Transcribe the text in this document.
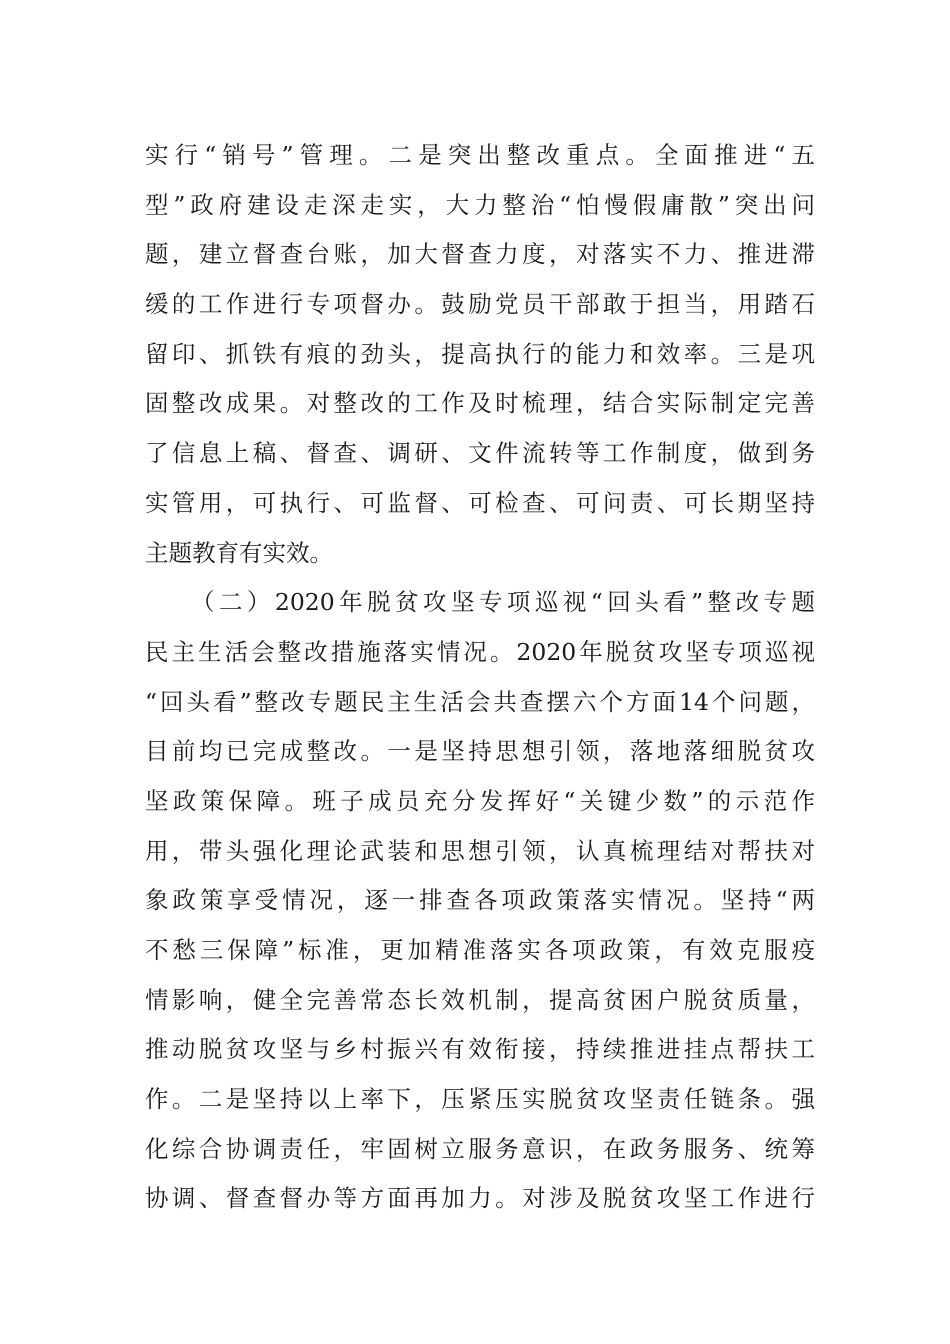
实行“销号”管理。二是突出整改重点。全面推进“五
型”政府建设走深走实，大力整治“怕慢假庸散”突出问
题，建立督查台账，加大督查力度，对落实不力、推进滞
缓的工作进行专项督办。鼓励党员干部敢于担当，用踏石
留印、抓铁有痕的劲头，提高执行的能力和效率。三是巩
固整改成果。对整改的工作及时梳理，结合实际制定完善
了信息上稿、督查、调研、文件流转等工作制度，做到务
实管用，可执行、可监督、可检查、可问责、可长期坚持
主题教育有实效。
（二）2020年脱贫攻坚专项巡视“回头看”整改专题
民主生活会整改措施落实情况。2020年脱贫攻坚专项巡视
“回头看”整改专题民主生活会共查摆六个方面14个问题，
目前均已完成整改。一是坚持思想引领，落地落细脱贫攻
坚政策保障。班子成员充分发挥好“关键少数”的示范作
用，带头强化理论武装和思想引领，认真梳理结对帮扶对
象政策享受情况，逐一排查各项政策落实情况。坚持“两
不愁三保障”标准，更加精准落实各项政策，有效克服疫
情影响，健全完善常态长效机制，提高贫困户脱贫质量，
推动脱贫攻坚与乡村振兴有效衔接，持续推进挂点帮扶工
作。二是坚持以上率下，压紧压实脱贫攻坚责任链条。强
化综合协调责任，牢固树立服务意识，在政务服务、统筹
协调、督查督办等方面再加力。对涉及脱贫攻坚工作进行
